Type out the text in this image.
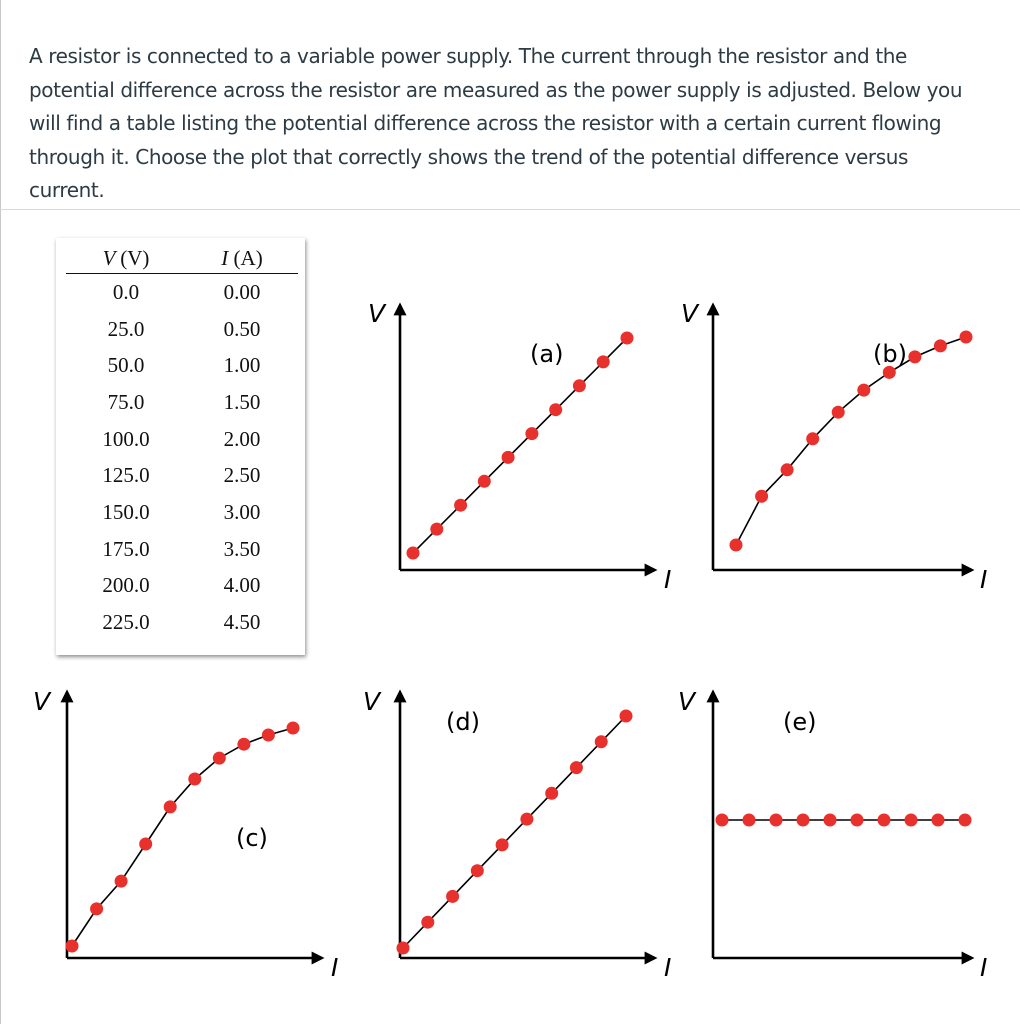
A resistor is connected to a variable power supply. The current through the resistor and the potential difference across the resistor are measured as the power supply is adjusted. Below you will find a table listing the potential difference across the resistor with a certain current flowing through it. Choose the plot that correctly shows the trend of the potential difference versus current.

V (V)	I (A)
0.0	0.00
25.0	0.50
50.0	1.00
75.0	1.50
100.0	2.00
125.0	2.50
150.0	3.00
175.0	3.50
200.0	4.00
225.0	4.50
V
I
(a)
V
I
(b)
V
I
(c)
V
I
(d)
V
I
(e)
